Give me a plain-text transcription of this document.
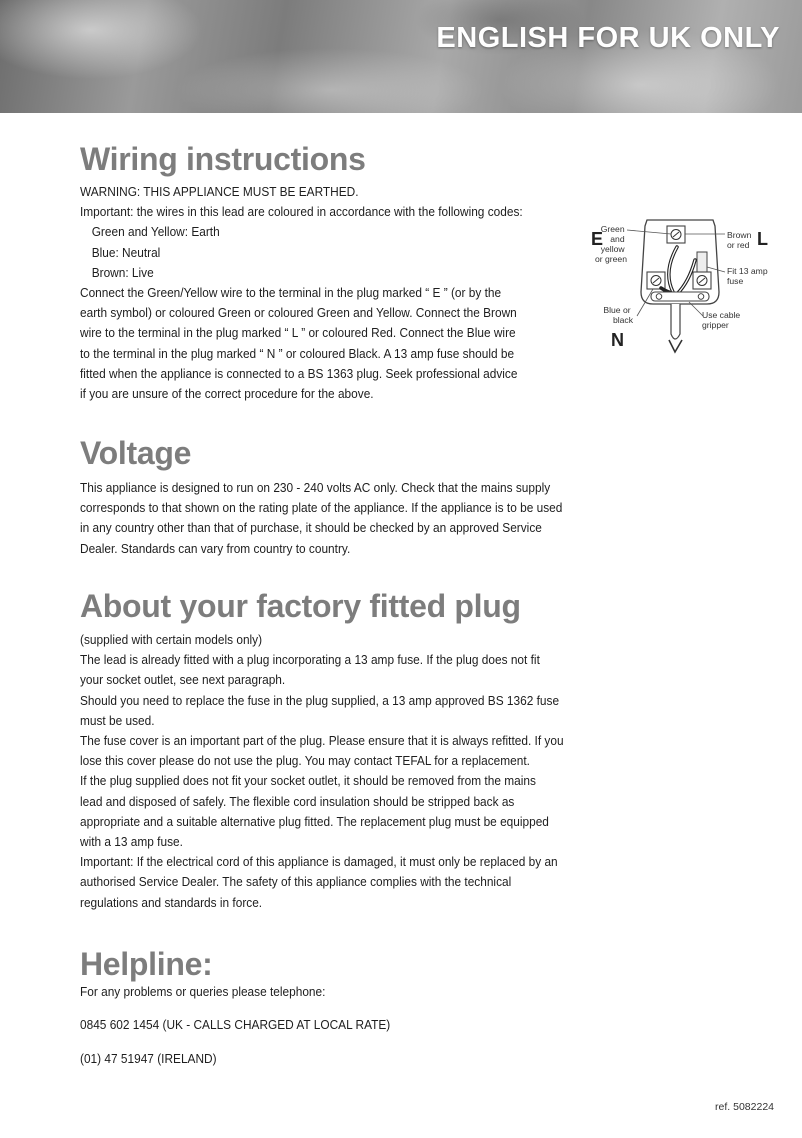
ENGLISH FOR UK ONLY
Wiring instructions

WARNING: THIS APPLIANCE MUST BE EARTHED.

Important: the wires in this lead are coloured in accordance with the following codes:

Green and Yellow: Earth

Blue: Neutral

Brown: Live

Connect the Green/Yellow wire to the terminal in the plug marked “ E ” (or by the

earth symbol) or coloured Green or coloured Green and Yellow. Connect the Brown

wire to the terminal in the plug marked “ L ” or coloured Red. Connect the Blue wire

to the terminal in the plug marked “ N ” or coloured Black. A 13 amp fuse should be

fitted when the appliance is connected to a BS 1363 plug. Seek professional advice

if you are unsure of the correct procedure for the above.

E	L
N
Green and yellow or green
Brown or red
Fit 13 amp fuse
Blue or black	Use cable gripper
Voltage

This appliance is designed to run on 230 - 240 volts AC only. Check that the mains supply

corresponds to that shown on the rating plate of the appliance. If the appliance is to be used

in any country other than that of purchase, it should be checked by an approved Service

Dealer. Standards can vary from country to country.

About your factory fitted plug

(supplied with certain models only)

The lead is already fitted with a plug incorporating a 13 amp fuse. If the plug does not fit

your socket outlet, see next paragraph.

Should you need to replace the fuse in the plug supplied, a 13 amp approved BS 1362 fuse

must be used.

The fuse cover is an important part of the plug. Please ensure that it is always refitted. If you

lose this cover please do not use the plug. You may contact TEFAL for a replacement.

If the plug supplied does not fit your socket outlet, it should be removed from the mains

lead and disposed of safely. The flexible cord insulation should be stripped back as

appropriate and a suitable alternative plug fitted. The replacement plug must be equipped

with a 13 amp fuse.

Important: If the electrical cord of this appliance is damaged, it must only be replaced by an

authorised Service Dealer. The safety of this appliance complies with the technical

regulations and standards in force.

Helpline:

For any problems or queries please telephone:

0845 602 1454 (UK - CALLS CHARGED AT LOCAL RATE)

(01) 47 51947 (IRELAND)

ref. 5082224
